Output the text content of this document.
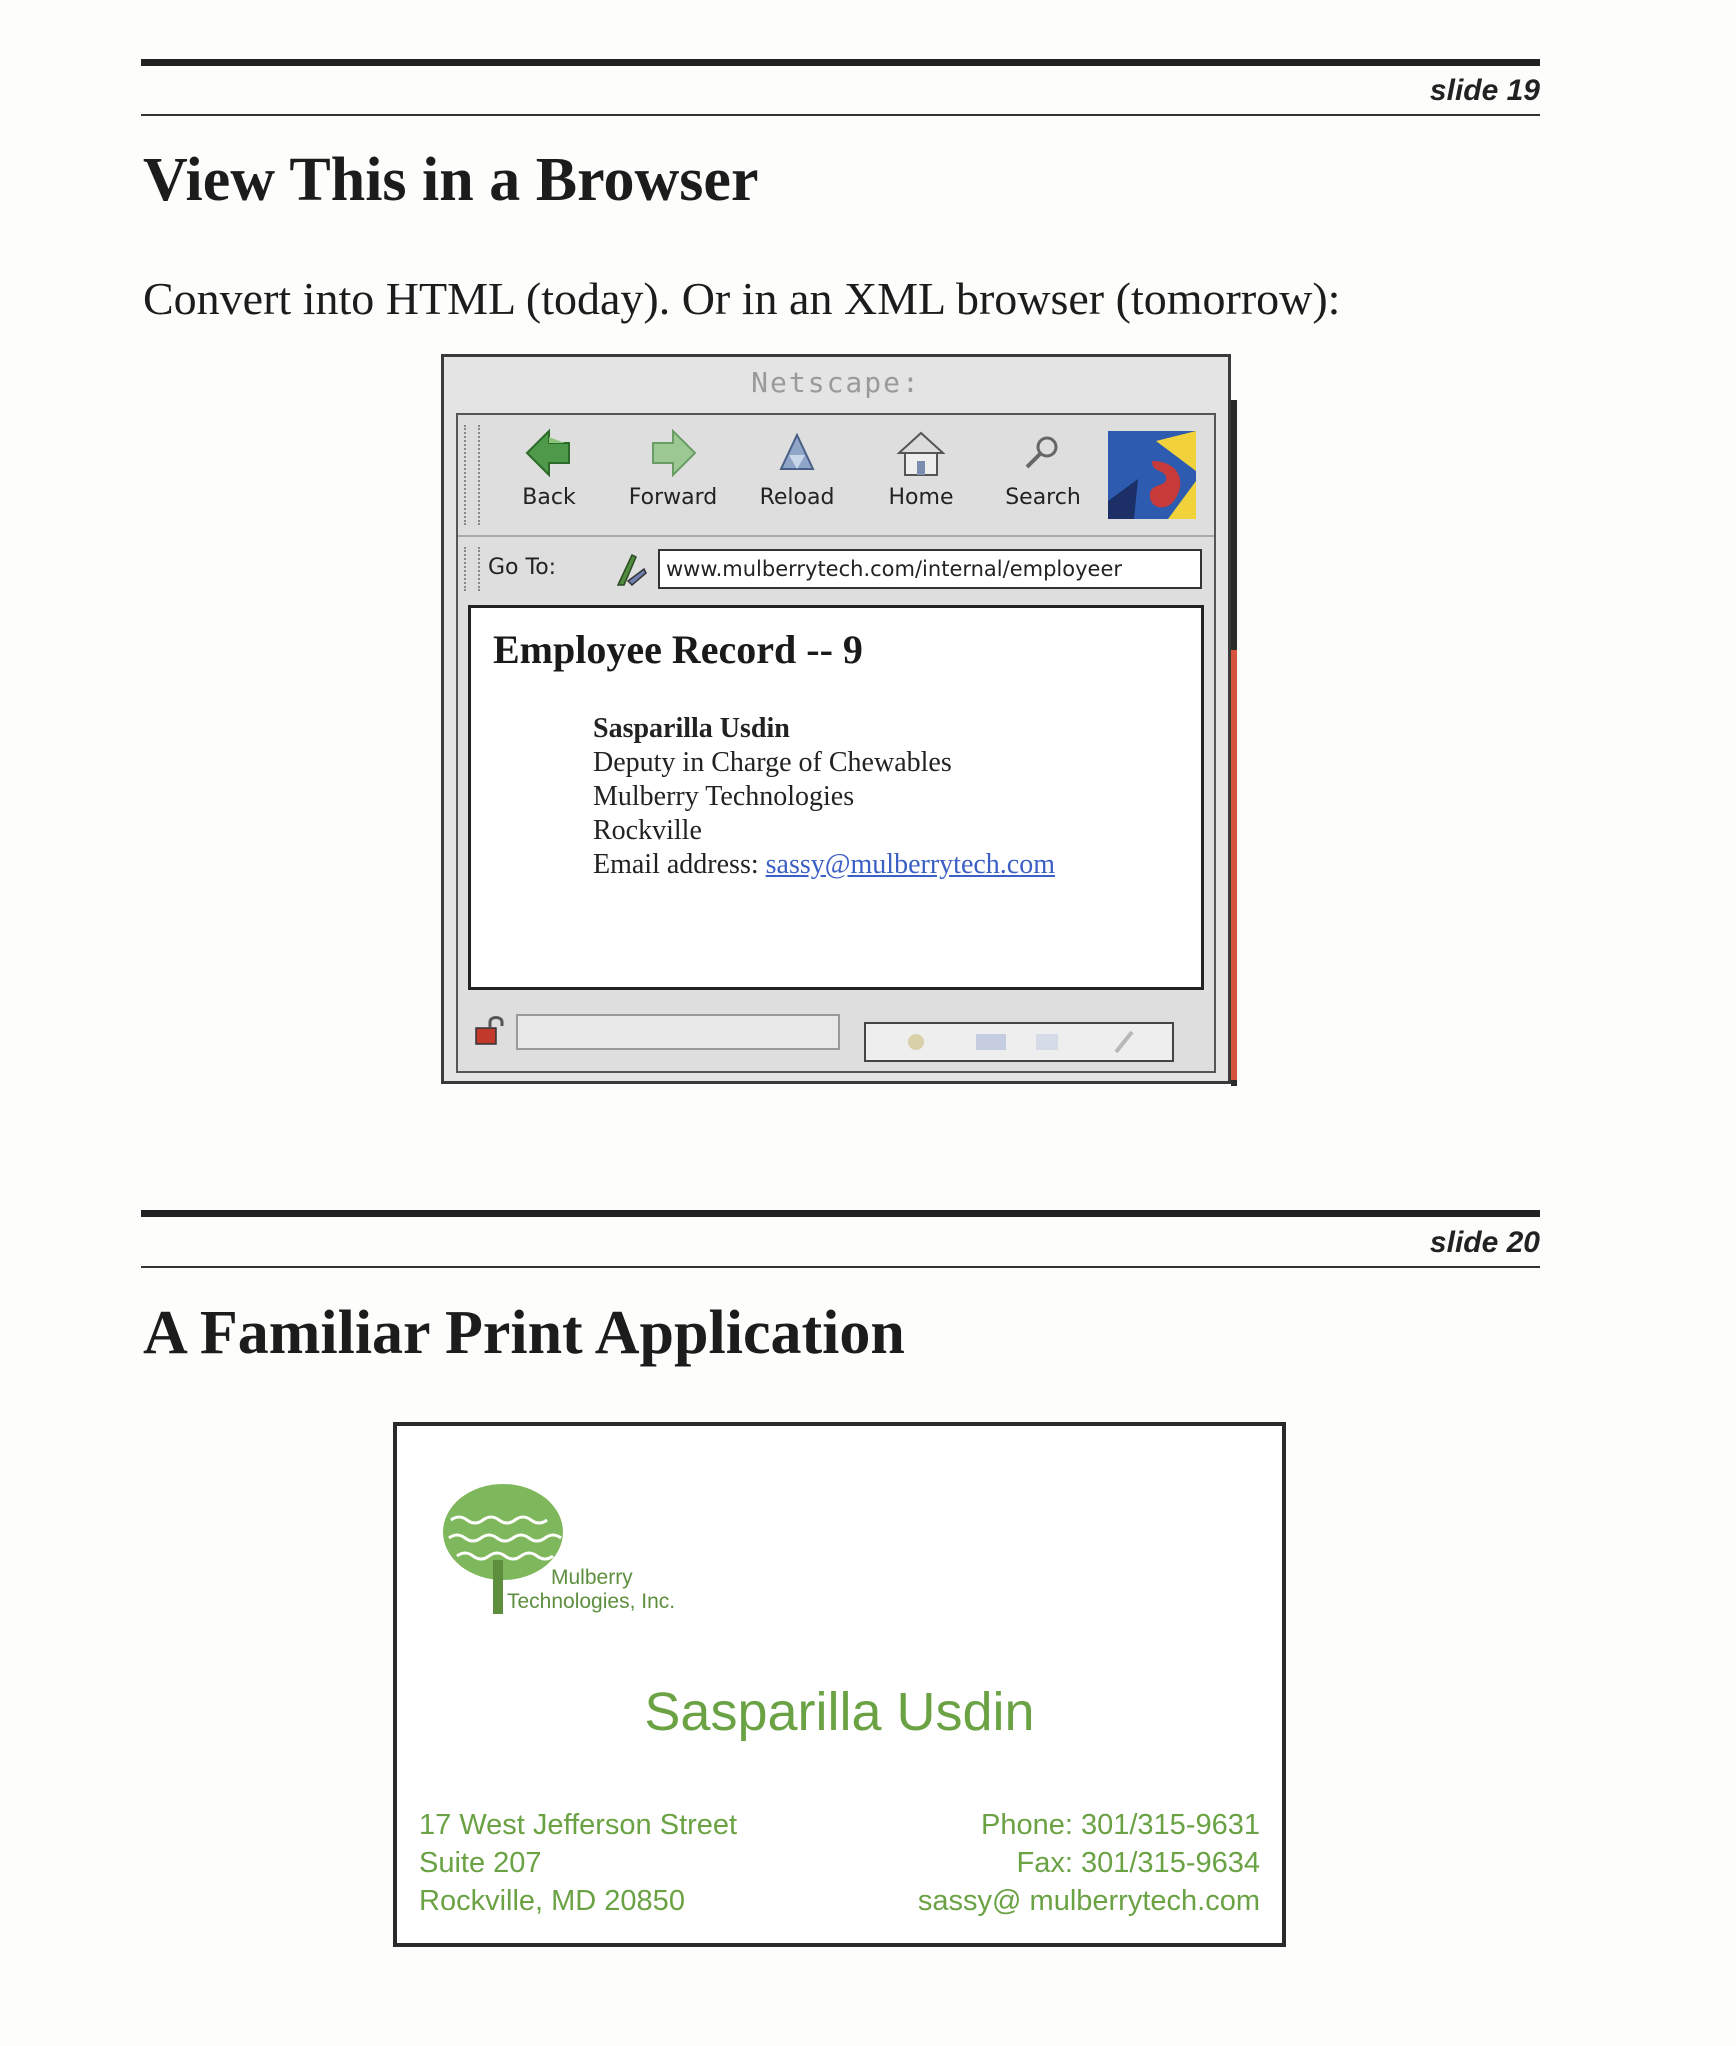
slide 19
View This in a Browser

Convert into HTML (today). Or in an XML browser (tomorrow):

Netscape:
Back	Forward	Reload	Home	Search
Go To:	www.mulberrytech.com/internal/employeer
Employee Record -- 9
Sasparilla Usdin
Deputy in Charge of Chewables
Mulberry Technologies
Rockville
Email address: sassy@mulberrytech.com
slide 20
A Familiar Print Application
Mulberry
Technologies, Inc.
Sasparilla Usdin
17 West Jefferson Street
Suite 207
Rockville, MD 20850
Phone: 301/315-9631
Fax: 301/315-9634
sassy@ mulberrytech.com
